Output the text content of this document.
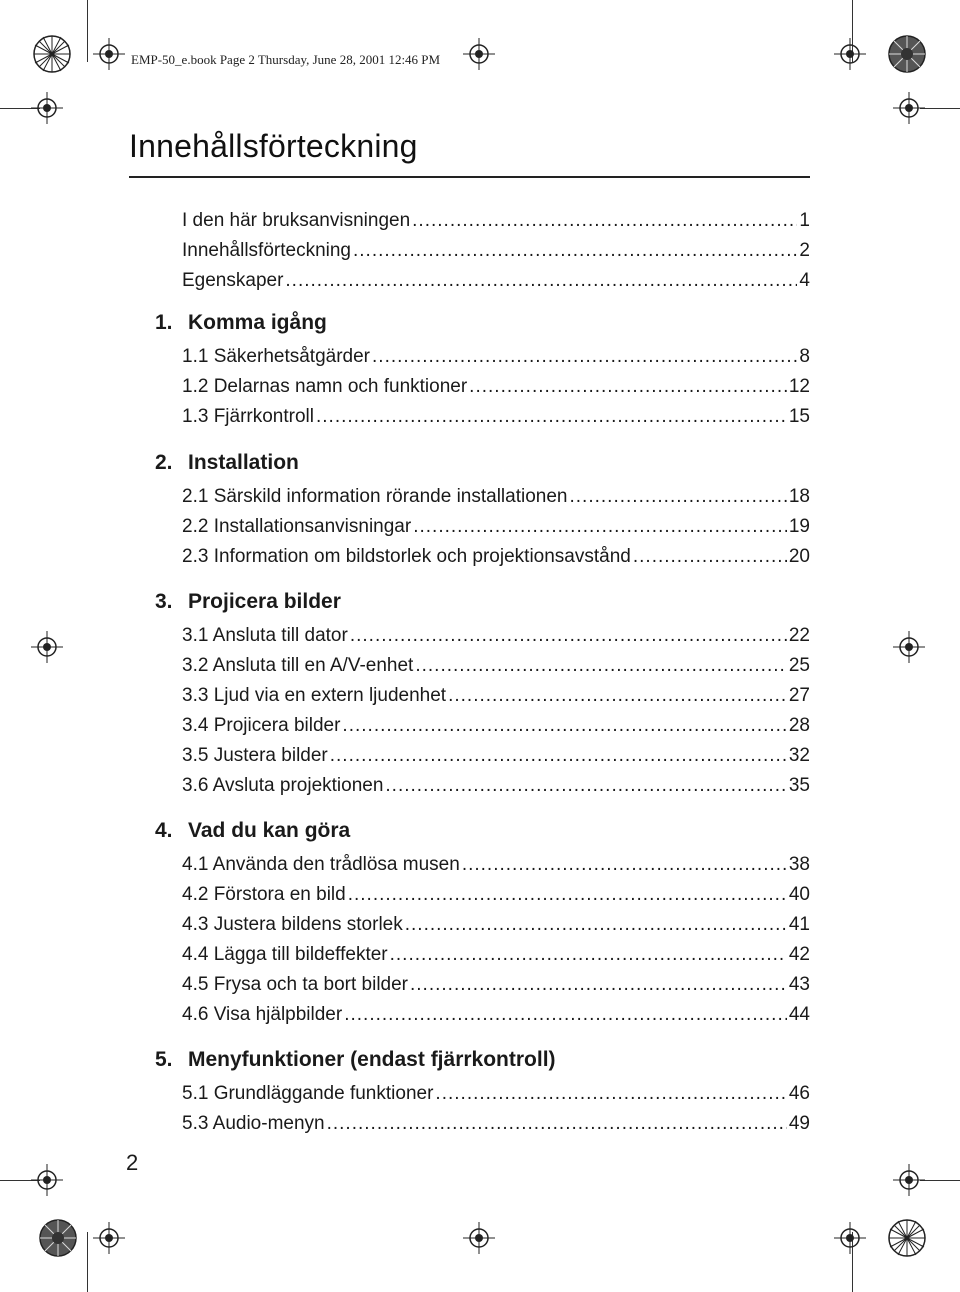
EMP-50_e.book Page 2 Thursday, June 28, 2001 12:46 PM
Innehållsförteckning
I den här bruksanvisningen .....	1
Innehållsförteckning .....	2
Egenskaper .....	4
1. Komma igång
1.1 Säkerhetsåtgärder .....	8
1.2 Delarnas namn och funktioner .....	12
1.3 Fjärrkontroll .....	15
2. Installation
2.1 Särskild information rörande installationen .....	18
2.2 Installationsanvisningar .....	19
2.3 Information om bildstorlek och projektionsavstånd .....	20
3. Projicera bilder
3.1 Ansluta till dator .....	22
3.2 Ansluta till en A/V-enhet .....	25
3.3 Ljud via en extern ljudenhet .....	27
3.4 Projicera bilder .....	28
3.5 Justera bilder .....	32
3.6 Avsluta projektionen .....	35
4. Vad du kan göra
4.1 Använda den trådlösa musen .....	38
4.2 Förstora en bild .....	40
4.3 Justera bildens storlek .....	41
4.4 Lägga till bildeffekter .....	42
4.5 Frysa och ta bort bilder .....	43
4.6 Visa hjälpbilder .....	44
5. Menyfunktioner (endast fjärrkontroll)
5.1 Grundläggande funktioner .....	46
5.3 Audio-menyn .....	49
2
